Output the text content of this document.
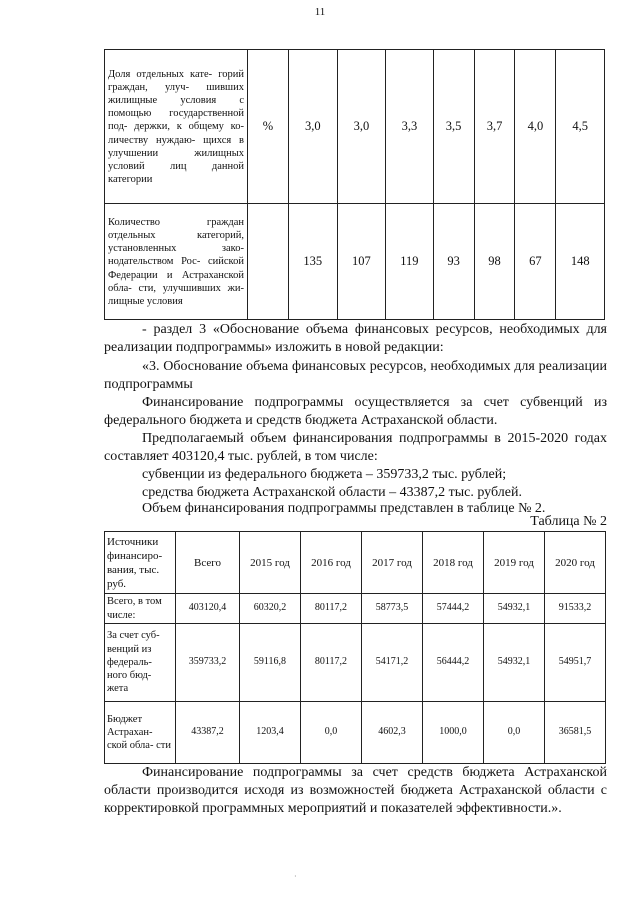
11
Доля отдельных кате- горий граждан, улуч- шивших жилищные условия с помощью государственной под- держки, к общему ко- личеству нуждаю- щихся в улучшении жилищных условий лиц данной категории	%	3,0	3,0	3,3	3,5	3,7	4,0	4,5
Количество граждан отдельных категорий, установленных зако- нодательством Рос- сийской Федерации и Астраханской обла- сти, улучшивших жи- лищные условия		135	107	119	93	98	67	148

- раздел 3 «Обоснование объема финансовых ресурсов, необходимых для реализации подпрограммы» изложить в новой редакции:

«3. Обоснование объема финансовых ресурсов, необходимых для реализации подпрограммы

Финансирование подпрограммы осуществляется за счет субвенций из федерального бюджета и средств бюджета Астраханской области.

Предполагаемый объем финансирования подпрограммы в 2015-2020 годах составляет 403120,4 тыс. рублей, в том числе:

субвенции из федерального бюджета – 359733,2 тыс. рублей;

средства бюджета Астраханской области – 43387,2 тыс. рублей.

Объем финансирования подпрограммы представлен в таблице № 2.

Таблица № 2
Источники финансиро- вания, тыс. руб.	Всего	2015 год	2016 год	2017 год	2018 год	2019 год	2020 год
Всего, в том числе:	403120,4	60320,2	80117,2	58773,5	57444,2	54932,1	91533,2
За счет суб- венций из федераль- ного бюд- жета	359733,2	59116,8	80117,2	54171,2	56444,2	54932,1	54951,7
Бюджет Астрахан- ской обла- сти	43387,2	1203,4	0,0	4602,3	1000,0	0,0	36581,5

Финансирование подпрограммы за счет средств бюджета Астраханской области производится исходя из возможностей бюджета Астраханской области с корректировкой программных мероприятий и показателей эффективности.».

·
